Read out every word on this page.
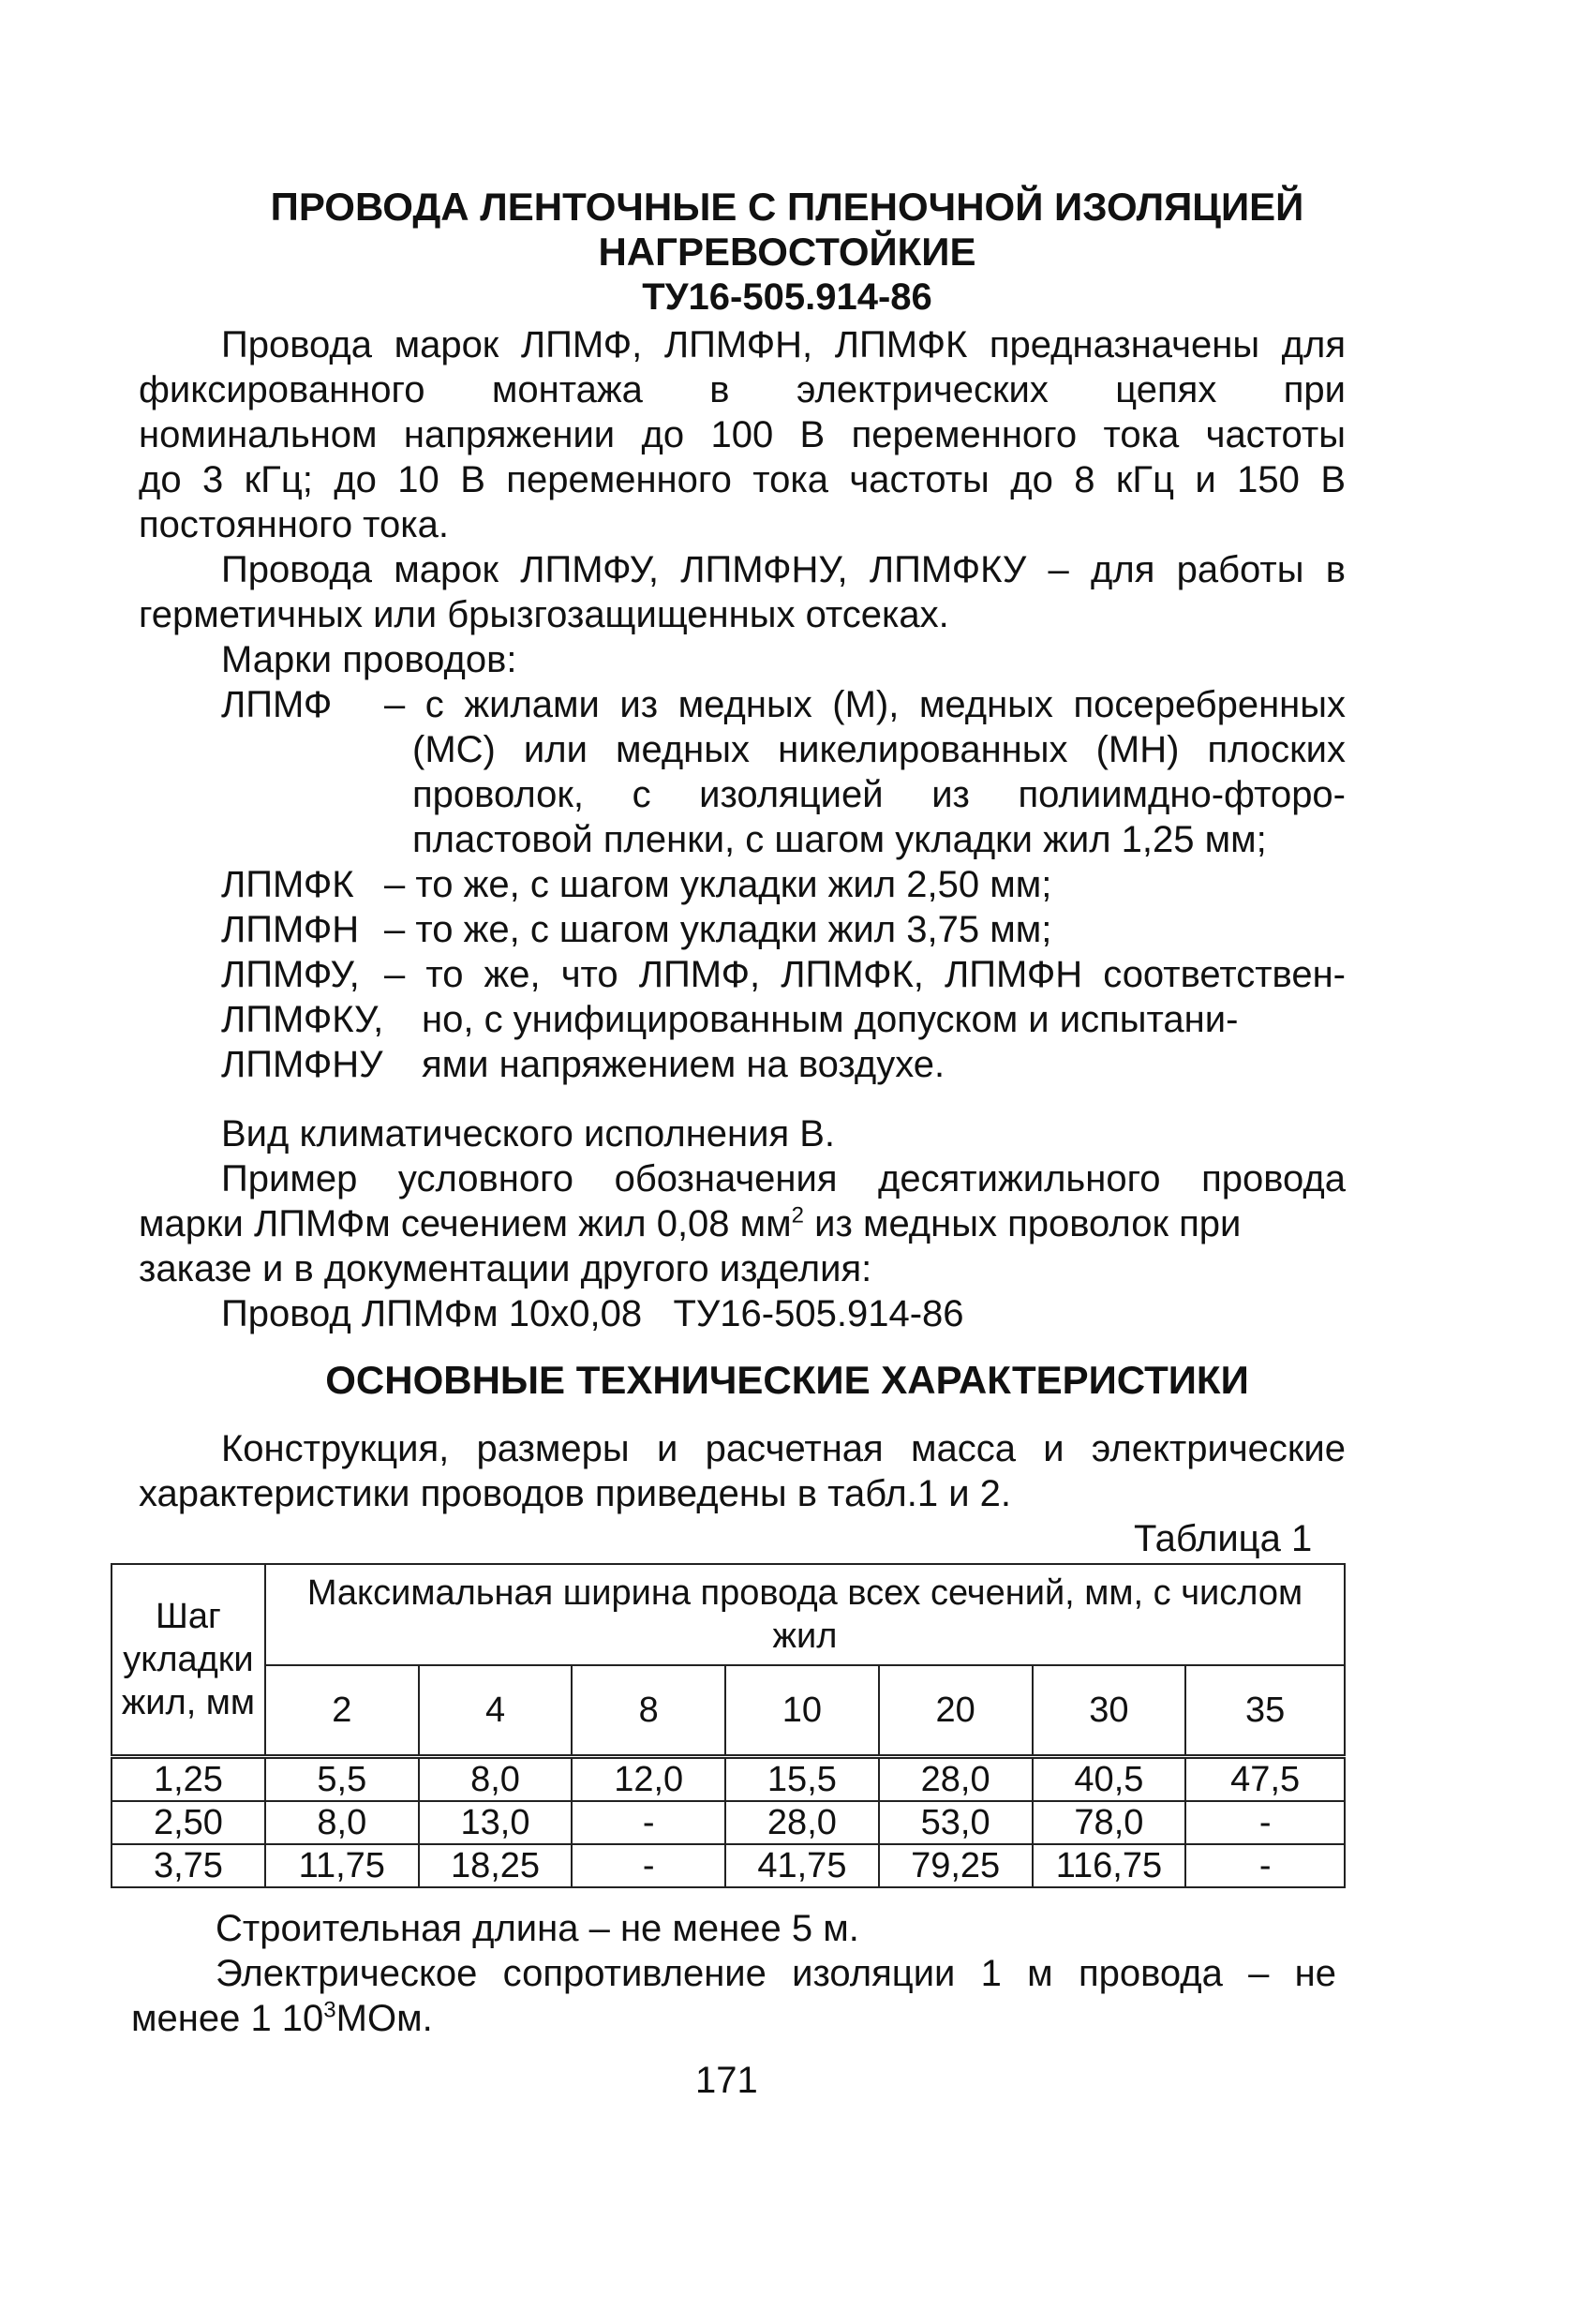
ПРОВОДА ЛЕНТОЧНЫЕ С ПЛЕНОЧНОЙ ИЗОЛЯЦИЕЙ
НАГРЕВОСТОЙКИЕ
ТУ16-505.914-86
Провода марок ЛПМФ, ЛПМФН, ЛПМФК предназначены для
фиксированного монтажа в электрических цепях при
номинальном напряжении до 100 В переменного тока частоты
до 3 кГц; до 10 В переменного тока частоты до 8 кГц и 150 В
постоянного тока.
Провода марок ЛПМФУ, ЛПМФНУ, ЛПМФКУ – для работы в
герметичных или брызгозащищенных отсеках.
Марки проводов:
ЛПМФ – с жилами из медных (М), медных посеребренных
(МС) или медных никелированных (МН) плоских
проволок, с изоляцией из полиимдно-фторо-
пластовой пленки, с шагом укладки жил 1,25 мм;
ЛПМФК – то же, с шагом укладки жил 2,50 мм;
ЛПМФН – то же, с шагом укладки жил 3,75 мм;
ЛПМФУ, – то же, что ЛПМФ, ЛПМФК, ЛПМФН соответствен-
ЛПМФКУ, но, с унифицированным допуском и испытани-
ЛПМФНУ ями напряжением на воздухе.
Вид климатического исполнения В.
Пример условного обозначения десятижильного провода
марки ЛПМФм сечением жил 0,08 $мм^2$ из медных проволок при
заказе и в документации другого изделия:
Провод ЛПМФм 10х0,08   ТУ16-505.914-86
ОСНОВНЫЕ ТЕХНИЧЕСКИЕ ХАРАКТЕРИСТИКИ
Конструкция, размеры и расчетная масса и электрические
характеристики проводов приведены в табл.1 и 2.
Таблица 1
Шаг укладки жил, мм	Максимальная ширина провода всех сечений, мм, с числом жил						
	2	4	8	10	20	30	35
1,25	5,5	8,0	12,0	15,5	28,0	40,5	47,5
2,50	8,0	13,0	-	28,0	53,0	78,0	-
3,75	11,75	18,25	-	41,75	79,25	116,75	-
Строительная длина – не менее 5 м.
Электрическое сопротивление изоляции 1 м провода – не
менее 1 $10^3МОм$.
171
